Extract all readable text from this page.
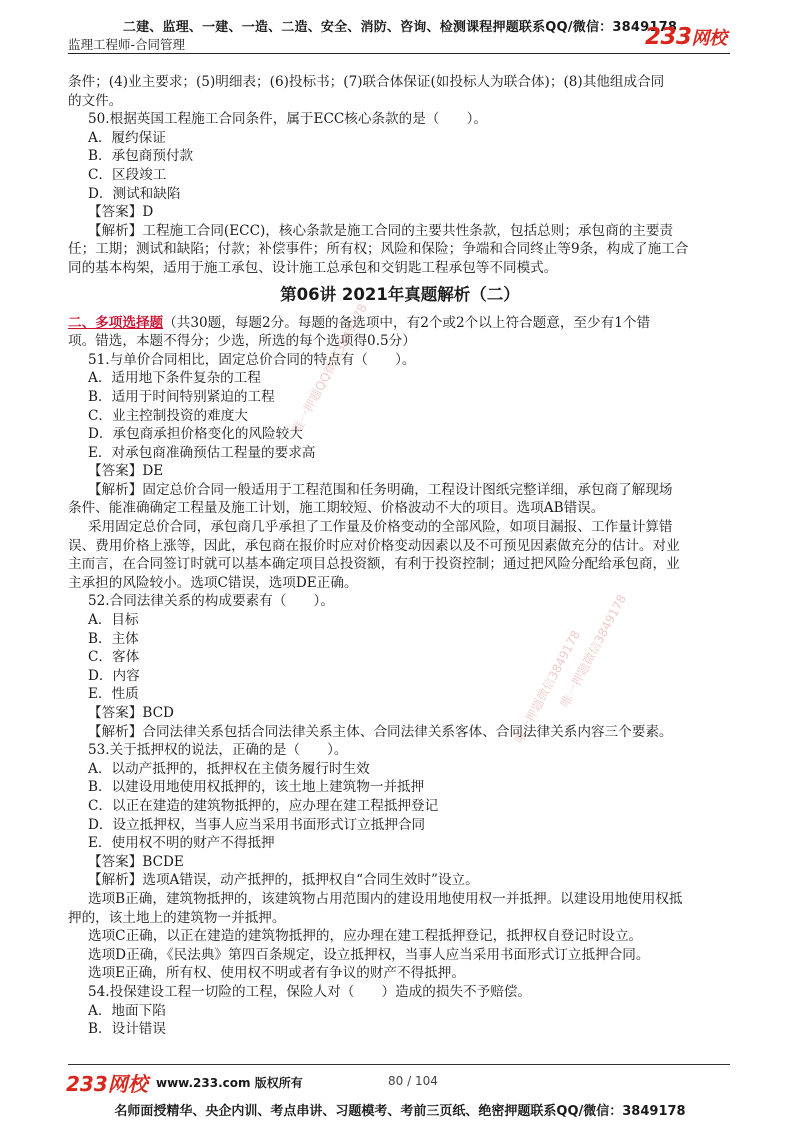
二建、监理、一建、一造、二造、安全、消防、咨询、检测课程押题联系QQ/微信：3849178
监理工程师-合同管理	233网校
条件；(4)业主要求；(5)明细表；(6)投标书；(7)联合体保证(如投标人为联合体)；(8)其他组成合同
的文件。
50.根据英国工程施工合同条件，属于ECC核心条款的是（　　）。
A．履约保证
B．承包商预付款
C．区段竣工
D．测试和缺陷
【答案】D
【解析】工程施工合同(ECC)，核心条款是施工合同的主要共性条款，包括总则；承包商的主要责
任；工期；测试和缺陷；付款；补偿事件；所有权；风险和保险；争端和合同终止等9条，构成了施工合
同的基本构架，适用于施工承包、设计施工总承包和交钥匙工程承包等不同模式。
第06讲 2021年真题解析（二）
二、多项选择题（共30题，每题2分。每题的备选项中，有2个或2个以上符合题意，至少有1个错
项。错选，本题不得分；少选，所选的每个选项得0.5分）
51.与单价合同相比，固定总价合同的特点有（　　）。
A．适用地下条件复杂的工程
B．适用于时间特别紧迫的工程
C．业主控制投资的难度大
D．承包商承担价格变化的风险较大
E．对承包商准确预估工程量的要求高
【答案】DE
【解析】固定总价合同一般适用于工程范围和任务明确，工程设计图纸完整详细，承包商了解现场
条件、能准确确定工程量及施工计划，施工期较短、价格波动不大的项目。选项AB错误。
采用固定总价合同，承包商几乎承担了工作量及价格变动的全部风险，如项目漏报、工作量计算错
误、费用价格上涨等，因此，承包商在报价时应对价格变动因素以及不可预见因素做充分的估计。对业
主而言，在合同签订时就可以基本确定项目总投资额，有利于投资控制；通过把风险分配给承包商，业
主承担的风险较小。选项C错误，选项DE正确。
52.合同法律关系的构成要素有（　　）。
A．目标
B．主体
C．客体
D．内容
E．性质
【答案】BCD
【解析】合同法律关系包括合同法律关系主体、合同法律关系客体、合同法律关系内容三个要素。
53.关于抵押权的说法，正确的是（　　）。
A．以动产抵押的，抵押权在主债务履行时生效
B．以建设用地使用权抵押的，该土地上建筑物一并抵押
C．以正在建造的建筑物抵押的，应办理在建工程抵押登记
D．设立抵押权，当事人应当采用书面形式订立抵押合同
E．使用权不明的财产不得抵押
【答案】BCDE
【解析】选项A错误，动产抵押的，抵押权自“合同生效时”设立。
选项B正确，建筑物抵押的，该建筑物占用范围内的建设用地使用权一并抵押。以建设用地使用权抵
押的，该土地上的建筑物一并抵押。
选项C正确，以正在建造的建筑物抵押的，应办理在建工程抵押登记，抵押权自登记时设立。
选项D正确，《民法典》第四百条规定，设立抵押权，当事人应当采用书面形式订立抵押合同。
选项E正确，所有权、使用权不明或者有争议的财产不得抵押。
54.投保建设工程一切险的工程，保险人对（　　）造成的损失不予赔偿。
A．地面下陷
B．设计错误
唯一押题QQ微信3849178
唯一押题微信3849178
唯一押题微信3849178
233网校 www.233.com 版权所有	80 / 104
名师面授精华、央企内训、考点串讲、习题模考、考前三页纸、绝密押题联系QQ/微信：3849178
